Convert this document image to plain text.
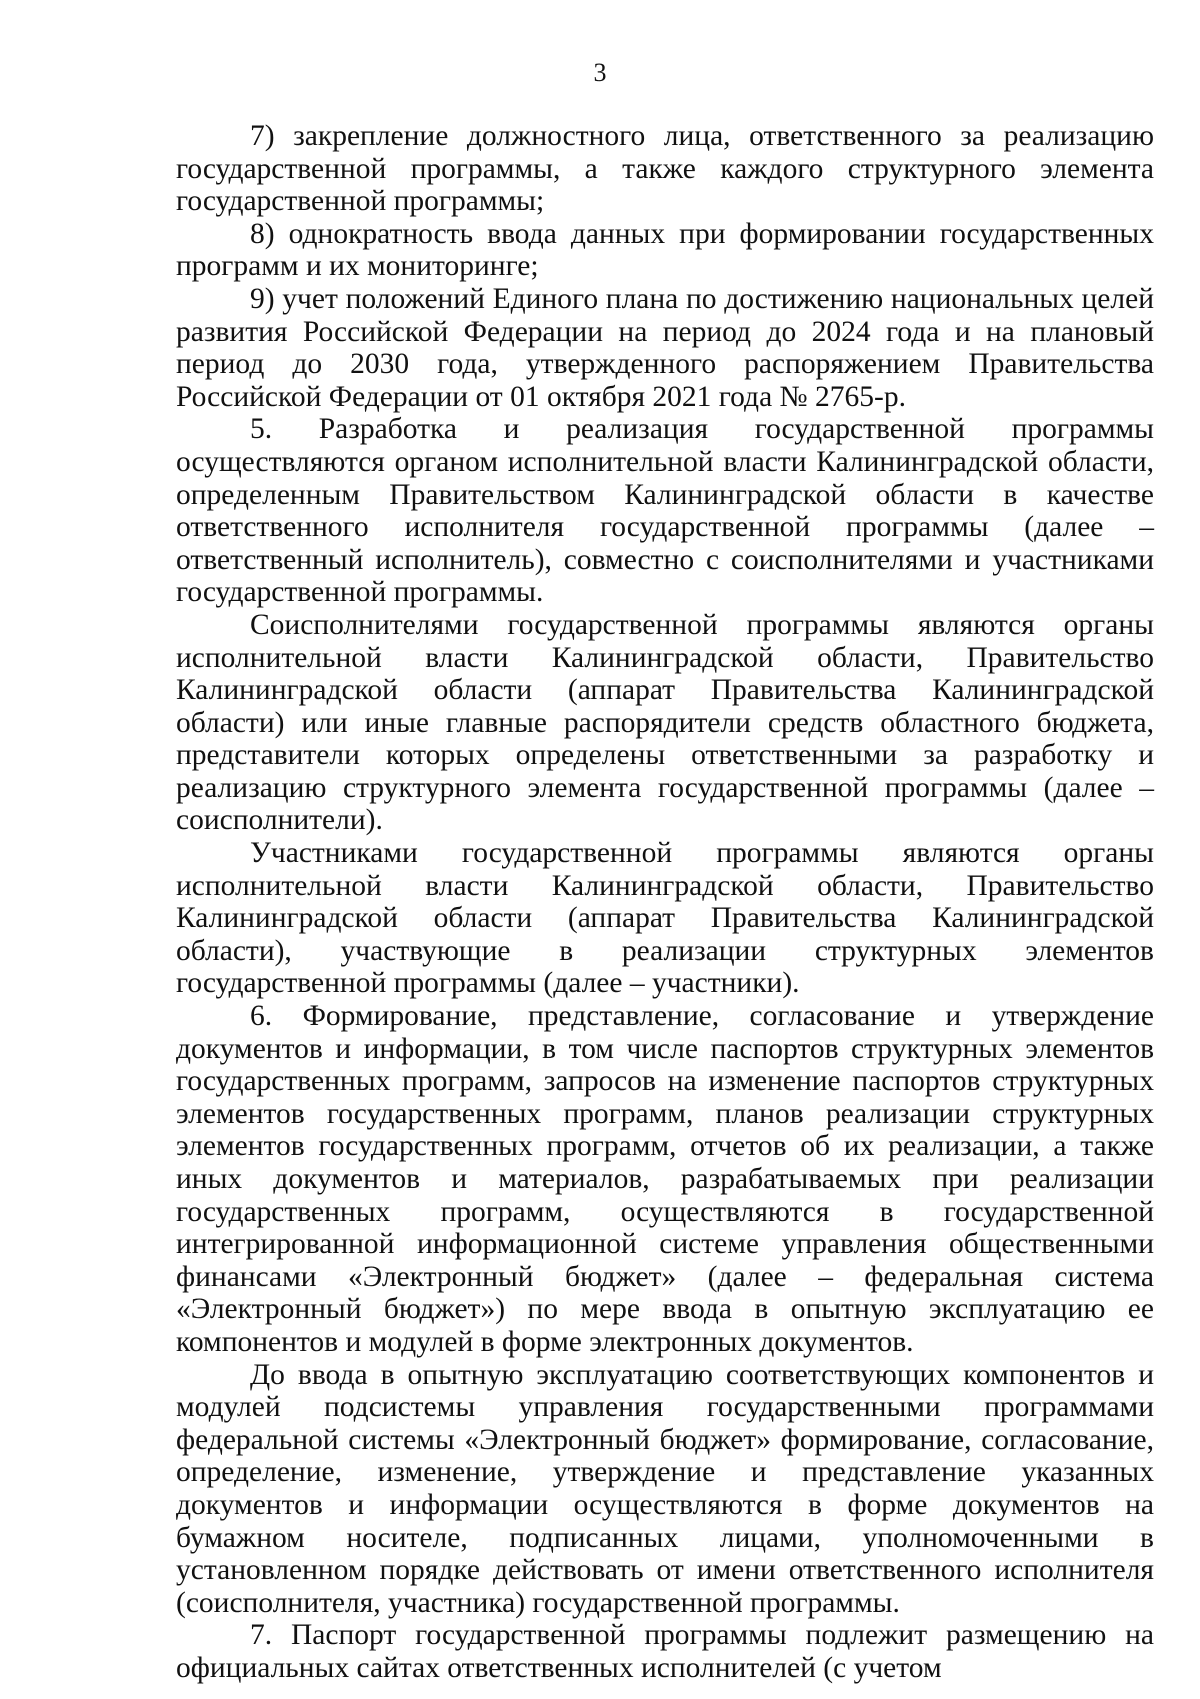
3

7) закрепление должностного лица, ответственного за реализацию государственной программы, а также каждого структурного элемента государственной программы;

8) однократность ввода данных при формировании государственных программ и их мониторинге;

9) учет положений Единого плана по достижению национальных целей развития Российской Федерации на период до 2024 года и на плановый период до 2030 года, утвержденного распоряжением Правительства Российской Федерации от 01 октября 2021 года № 2765-р.

5. Разработка и реализация государственной программы осуществляются органом исполнительной власти Калининградской области, определенным Правительством Калининградской области в качестве ответственного исполнителя государственной программы (далее – ответственный исполнитель), совместно с соисполнителями и участниками государственной программы.

Соисполнителями государственной программы являются органы исполнительной власти Калининградской области, Правительство Калининградской области (аппарат Правительства Калининградской области) или иные главные распорядители средств областного бюджета, представители которых определены ответственными за разработку и реализацию структурного элемента государственной программы (далее – соисполнители).

Участниками государственной программы являются органы исполнительной власти Калининградской области, Правительство Калининградской области (аппарат Правительства Калининградской области), участвующие в реализации структурных элементов государственной программы (далее – участники).

6. Формирование, представление, согласование и утверждение документов и информации, в том числе паспортов структурных элементов государственных программ, запросов на изменение паспортов структурных элементов государственных программ, планов реализации структурных элементов государственных программ, отчетов об их реализации, а также иных документов и материалов, разрабатываемых при реализации государственных программ, осуществляются в государственной интегрированной информационной системе управления общественными финансами «Электронный бюджет» (далее – федеральная система «Электронный бюджет») по мере ввода в опытную эксплуатацию ее компонентов и модулей в форме электронных документов.

До ввода в опытную эксплуатацию соответствующих компонентов и модулей подсистемы управления государственными программами федеральной системы «Электронный бюджет» формирование, согласование, определение, изменение, утверждение и представление указанных документов и информации осуществляются в форме документов на бумажном носителе, подписанных лицами, уполномоченными в установленном порядке действовать от имени ответственного исполнителя (соисполнителя, участника) государственной программы.

7. Паспорт государственной программы подлежит размещению на официальных сайтах ответственных исполнителей (с учетом
